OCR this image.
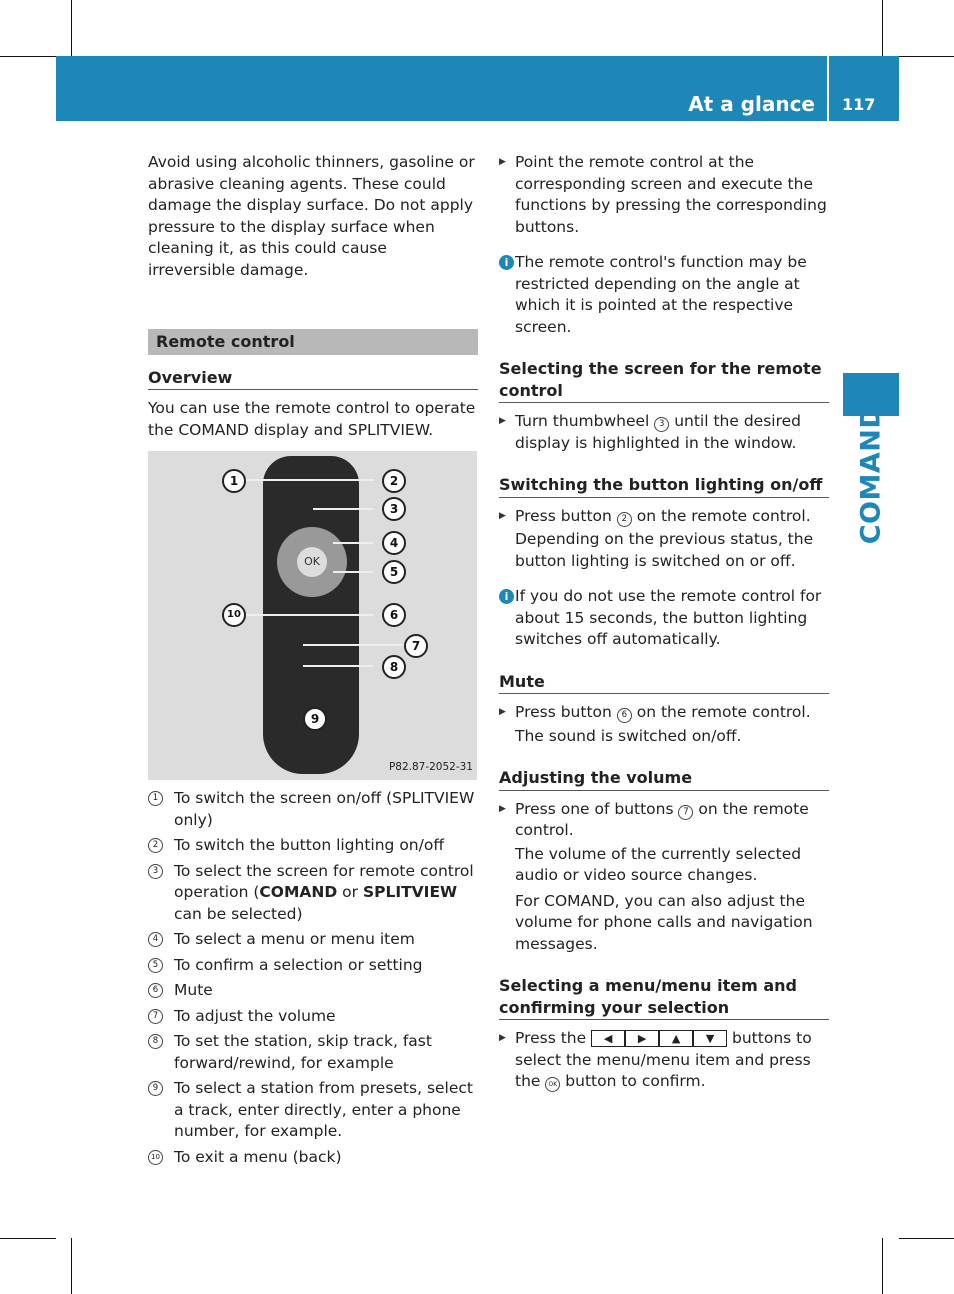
At a glance 117
COMAND

Avoid using alcoholic thinners, gasoline or abrasive cleaning agents. These could damage the display surface. Do not apply pressure to the display surface when cleaning it, as this could cause irreversible damage.

Remote control
Overview

You can use the remote control to operate the COMAND display and SPLITVIEW.

OK
1	2
3
4
5
10	6
7
8
9
P82.87-2052-31
1	To switch the screen on/off (SPLITVIEW only)
2	To switch the button lighting on/off
3	To select the screen for remote control operation (COMAND or SPLITVIEW can be selected)
4	To select a menu or menu item
5	To confirm a selection or setting
6	Mute
7	To adjust the volume
8	To set the station, skip track, fast forward/rewind, for example
9	To select a station from presets, select a track, enter directly, enter a phone number, for example.
10 To exit a menu (back)
▶ Point the remote control at the corresponding screen and execute the functions by pressing the corresponding buttons.
i The remote control's function may be restricted depending on the angle at which it is pointed at the respective screen.
Selecting the screen for the remote control
▶ Turn thumbwheel 3 until the desired display is highlighted in the window.
Switching the button lighting on/off
▶ Press button 2 on the remote control.
Depending on the previous status, the button lighting is switched on or off.
i If you do not use the remote control for about 15 seconds, the button lighting switches off automatically.
Mute
▶ Press button 6 on the remote control.
The sound is switched on/off.
Adjusting the volume
▶ Press one of buttons 7 on the remote control.
The volume of the currently selected audio or video source changes.
For COMAND, you can also adjust the volume for phone calls and navigation messages.
Selecting a menu/menu item and confirming your selection
▶ Press the ◀ ▶ ▲ ▼ buttons to select the menu/menu item and press the OK button to confirm.
